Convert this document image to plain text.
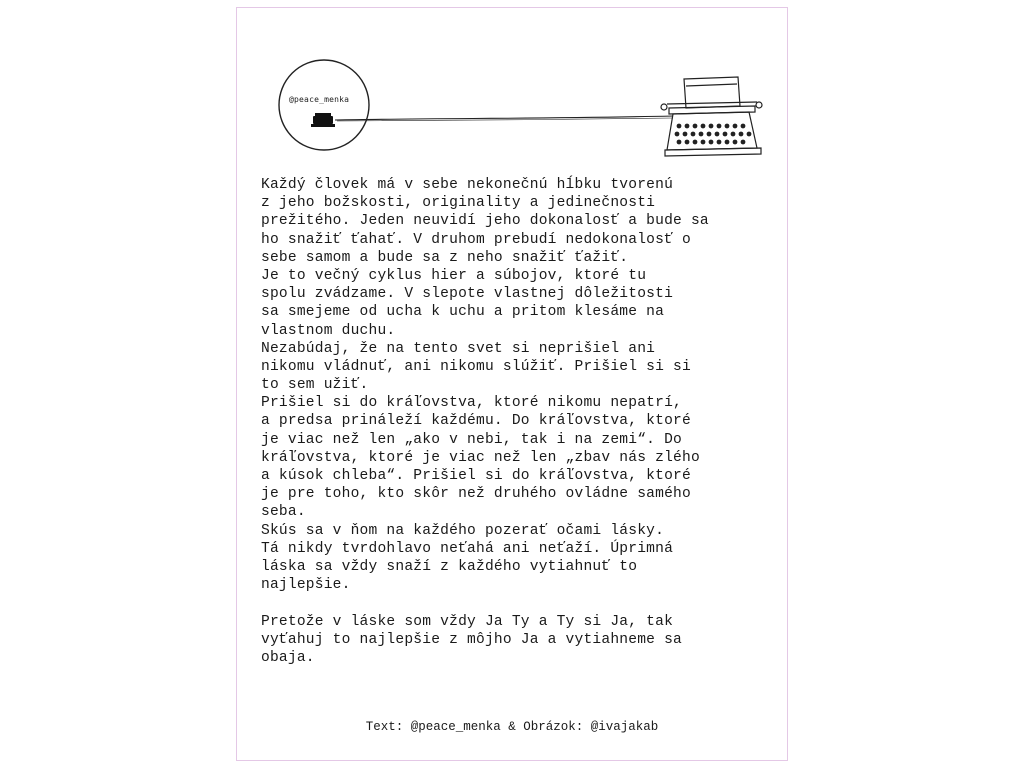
@peace_menka
Každý človek má v sebe nekonečnú hĺbku tvorenú
z jeho božskosti, originality a jedinečnosti
prežitého. Jeden neuvidí jeho dokonalosť a bude sa
ho snažiť ťahať. V druhom prebudí nedokonalosť o
sebe samom a bude sa z neho snažiť ťažiť.
Je to večný cyklus hier a súbojov, ktoré tu
spolu zvádzame. V slepote vlastnej dôležitosti
sa smejeme od ucha k uchu a pritom klesáme na
vlastnom duchu.
Nezabúdaj, že na tento svet si neprišiel ani
nikomu vládnuť, ani nikomu slúžiť. Prišiel si si
to sem užiť.
Prišiel si do kráľovstva, ktoré nikomu nepatrí,
a predsa prináleží každému. Do kráľovstva, ktoré
je viac než len „ako v nebi, tak i na zemi“. Do
kráľovstva, ktoré je viac než len „zbav nás zlého
a kúsok chleba“. Prišiel si do kráľovstva, ktoré
je pre toho, kto skôr než druhého ovládne samého
seba.
Skús sa v ňom na každého pozerať očami lásky.
Tá nikdy tvrdohlavo neťahá ani neťaží. Úprimná
láska sa vždy snaží z každého vytiahnuť to
najlepšie.
Pretože v láske som vždy Ja Ty a Ty si Ja, tak
vyťahuj to najlepšie z môjho Ja a vytiahneme sa
obaja.
Text: @peace_menka & Obrázok: @ivajakab
